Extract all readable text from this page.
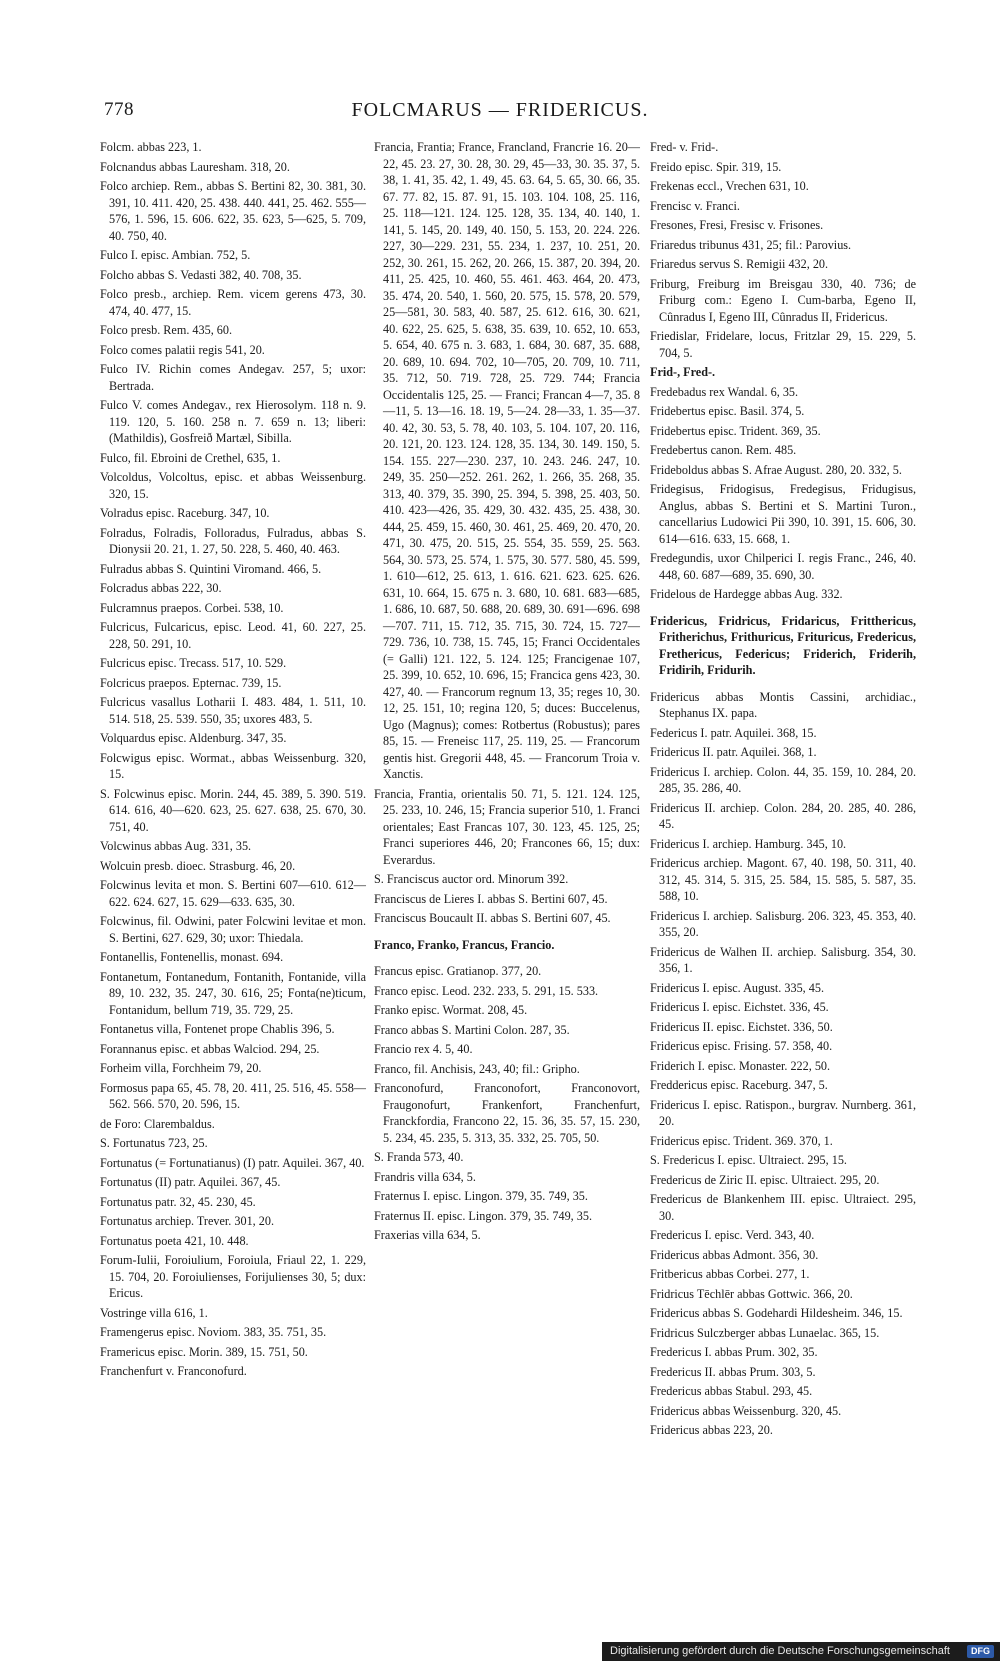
778	FOLCMARUS — FRIDERICUS.

Folcm. abbas 223, 1.

Folcnandus abbas Lauresham. 318, 20.

Folco archiep. Rem., abbas S. Bertini 82, 30. 381, 30. 391, 10. 411. 420, 25. 438. 440. 441, 25. 462. 555—576, 1. 596, 15. 606. 622, 35. 623, 5—625, 5. 709, 40. 750, 40.

Fulco I. episc. Ambian. 752, 5.

Folcho abbas S. Vedasti 382, 40. 708, 35.

Folco presb., archiep. Rem. vicem gerens 473, 30. 474, 40. 477, 15.

Folco presb. Rem. 435, 60.

Folco comes palatii regis 541, 20.

Fulco IV. Richin comes Andegav. 257, 5; uxor: Bertrada.

Fulco V. comes Andegav., rex Hierosolym. 118 n. 9. 119. 120, 5. 160. 258 n. 7. 659 n. 13; liberi: (Mathildis), Gosfreið Martæl, Sibilla.

Fulco, fil. Ebroini de Crethel, 635, 1.

Volcoldus, Volcoltus, episc. et abbas Weissenburg. 320, 15.

Volradus episc. Raceburg. 347, 10.

Folradus, Folradis, Folloradus, Fulradus, abbas S. Dionysii 20. 21, 1. 27, 50. 228, 5. 460, 40. 463.

Fulradus abbas S. Quintini Viromand. 466, 5.

Folcradus abbas 222, 30.

Fulcramnus praepos. Corbei. 538, 10.

Fulcricus, Fulcaricus, episc. Leod. 41, 60. 227, 25. 228, 50. 291, 10.

Fulcricus episc. Trecass. 517, 10. 529.

Folcricus praepos. Epternac. 739, 15.

Fulcricus vasallus Lotharii I. 483. 484, 1. 511, 10. 514. 518, 25. 539. 550, 35; uxores 483, 5.

Volquardus episc. Aldenburg. 347, 35.

Folcwigus episc. Wormat., abbas Weissenburg. 320, 15.

S. Folcwinus episc. Morin. 244, 45. 389, 5. 390. 519. 614. 616, 40—620. 623, 25. 627. 638, 25. 670, 30. 751, 40.

Volcwinus abbas Aug. 331, 35.

Wolcuin presb. dioec. Strasburg. 46, 20.

Folcwinus levita et mon. S. Bertini 607—610. 612—622. 624. 627, 15. 629—633. 635, 30.

Folcwinus, fil. Odwini, pater Folcwini levitae et mon. S. Bertini, 627. 629, 30; uxor: Thiedala.

Fontanellis, Fontenellis, monast. 694.

Fontanetum, Fontanedum, Fontanith, Fontanide, villa 89, 10. 232, 35. 247, 30. 616, 25; Fonta(ne)ticum, Fontanidum, bellum 719, 35. 729, 25.

Fontanetus villa, Fontenet prope Chablis 396, 5.

Forannanus episc. et abbas Walciod. 294, 25.

Forheim villa, Forchheim 79, 20.

Formosus papa 65, 45. 78, 20. 411, 25. 516, 45. 558—562. 566. 570, 20. 596, 15.

de Foro: Clarembaldus.

S. Fortunatus 723, 25.

Fortunatus (= Fortunatianus) (I) patr. Aquilei. 367, 40.

Fortunatus (II) patr. Aquilei. 367, 45.

Fortunatus patr. 32, 45. 230, 45.

Fortunatus archiep. Trever. 301, 20.

Fortunatus poeta 421, 10. 448.

Forum-Iulii, Foroiulium, Foroiula, Friaul 22, 1. 229, 15. 704, 20. Foroiulienses, Forijulienses 30, 5; dux: Ericus.

Vostringe villa 616, 1.

Framengerus episc. Noviom. 383, 35. 751, 35.

Framericus episc. Morin. 389, 15. 751, 50.

Franchenfurt v. Franconofurd.

Francia, Frantia; France, Francland, Francrie 16. 20—22, 45. 23. 27, 30. 28, 30. 29, 45—33, 30. 35. 37, 5. 38, 1. 41, 35. 42, 1. 49, 45. 63. 64, 5. 65, 30. 66, 35. 67. 77. 82, 15. 87. 91, 15. 103. 104. 108, 25. 116, 25. 118—121. 124. 125. 128, 35. 134, 40. 140, 1. 141, 5. 145, 20. 149, 40. 150, 5. 153, 20. 224. 226. 227, 30—229. 231, 55. 234, 1. 237, 10. 251, 20. 252, 30. 261, 15. 262, 20. 266, 15. 387, 20. 394, 20. 411, 25. 425, 10. 460, 55. 461. 463. 464, 20. 473, 35. 474, 20. 540, 1. 560, 20. 575, 15. 578, 20. 579, 25—581, 30. 583, 40. 587, 25. 612. 616, 30. 621, 40. 622, 25. 625, 5. 638, 35. 639, 10. 652, 10. 653, 5. 654, 40. 675 n. 3. 683, 1. 684, 30. 687, 35. 688, 20. 689, 10. 694. 702, 10—705, 20. 709, 10. 711, 35. 712, 50. 719. 728, 25. 729. 744; Francia Occidentalis 125, 25. — Franci; Francan 4—7, 35. 8—11, 5. 13—16. 18. 19, 5—24. 28—33, 1. 35—37. 40. 42, 30. 53, 5. 78, 40. 103, 5. 104. 107, 20. 116, 20. 121, 20. 123. 124. 128, 35. 134, 30. 149. 150, 5. 154. 155. 227—230. 237, 10. 243. 246. 247, 10. 249, 35. 250—252. 261. 262, 1. 266, 35. 268, 35. 313, 40. 379, 35. 390, 25. 394, 5. 398, 25. 403, 50. 410. 423—426, 35. 429, 30. 432. 435, 25. 438, 30. 444, 25. 459, 15. 460, 30. 461, 25. 469, 20. 470, 20. 471, 30. 475, 20. 515, 25. 554, 35. 559, 25. 563. 564, 30. 573, 25. 574, 1. 575, 30. 577. 580, 45. 599, 1. 610—612, 25. 613, 1. 616. 621. 623. 625. 626. 631, 10. 664, 15. 675 n. 3. 680, 10. 681. 683—685, 1. 686, 10. 687, 50. 688, 20. 689, 30. 691—696. 698—707. 711, 15. 712, 35. 715, 30. 724, 15. 727—729. 736, 10. 738, 15. 745, 15; Franci Occidentales (= Galli) 121. 122, 5. 124. 125; Francigenae 107, 25. 399, 10. 652, 10. 696, 15; Francica gens 423, 30. 427, 40. — Francorum regnum 13, 35; reges 10, 30. 12, 25. 151, 10; regina 120, 5; duces: Buccelenus, Ugo (Magnus); comes: Rotbertus (Robustus); pares 85, 15. — Freneisc 117, 25. 119, 25. — Francorum gentis hist. Gregorii 448, 45. — Francorum Troia v. Xanctis.

Francia, Frantia, orientalis 50. 71, 5. 121. 124. 125, 25. 233, 10. 246, 15; Francia superior 510, 1. Franci orientales; East Francas 107, 30. 123, 45. 125, 25; Franci superiores 446, 20; Francones 66, 15; dux: Everardus.

S. Franciscus auctor ord. Minorum 392.

Franciscus de Lieres I. abbas S. Bertini 607, 45.

Franciscus Boucault II. abbas S. Bertini 607, 45.

Franco, Franko, Francus, Francio.

Francus episc. Gratianop. 377, 20.

Franco episc. Leod. 232. 233, 5. 291, 15. 533.

Franko episc. Wormat. 208, 45.

Franco abbas S. Martini Colon. 287, 35.

Francio rex 4. 5, 40.

Franco, fil. Anchisis, 243, 40; fil.: Gripho.

Franconofurd, Franconofort, Franconovort, Fraugonofurt, Frankenfort, Franchenfurt, Franckfordia, Francono 22, 15. 36, 35. 57, 15. 230, 5. 234, 45. 235, 5. 313, 35. 332, 25. 705, 50.

S. Franda 573, 40.

Frandris villa 634, 5.

Fraternus I. episc. Lingon. 379, 35. 749, 35.

Fraternus II. episc. Lingon. 379, 35. 749, 35.

Fraxerias villa 634, 5.

Fred- v. Frid-.

Freido episc. Spir. 319, 15.

Frekenas eccl., Vrechen 631, 10.

Frencisc v. Franci.

Fresones, Fresi, Fresisc v. Frisones.

Friaredus tribunus 431, 25; fil.: Parovius.

Friaredus servus S. Remigii 432, 20.

Friburg, Freiburg im Breisgau 330, 40. 736; de Friburg com.: Egeno I. Cum-barba, Egeno II, Cûnradus I, Egeno III, Cûnradus II, Fridericus.

Friedislar, Fridelare, locus, Fritzlar 29, 15. 229, 5. 704, 5.

Frid-, Fred-.

Fredebadus rex Wandal. 6, 35.

Fridebertus episc. Basil. 374, 5.

Fridebertus episc. Trident. 369, 35.

Fredebertus canon. Rem. 485.

Frideboldus abbas S. Afrae August. 280, 20. 332, 5.

Fridegisus, Fridogisus, Fredegisus, Fridugisus, Anglus, abbas S. Bertini et S. Martini Turon., cancellarius Ludowici Pii 390, 10. 391, 15. 606, 30. 614—616. 633, 15. 668, 1.

Fredegundis, uxor Chilperici I. regis Franc., 246, 40. 448, 60. 687—689, 35. 690, 30.

Fridelous de Hardegge abbas Aug. 332.

Fridericus, Fridricus, Fridaricus, Fritthericus, Fritherichus, Frithuricus, Frituricus, Fredericus, Frethericus, Federicus; Friderich, Friderih, Fridirih, Fridurih.

Fridericus abbas Montis Cassini, archidiac., Stephanus IX. papa.

Federicus I. patr. Aquilei. 368, 15.

Fridericus II. patr. Aquilei. 368, 1.

Fridericus I. archiep. Colon. 44, 35. 159, 10. 284, 20. 285, 35. 286, 40.

Fridericus II. archiep. Colon. 284, 20. 285, 40. 286, 45.

Fridericus I. archiep. Hamburg. 345, 10.

Fridericus archiep. Magont. 67, 40. 198, 50. 311, 40. 312, 45. 314, 5. 315, 25. 584, 15. 585, 5. 587, 35. 588, 10.

Fridericus I. archiep. Salisburg. 206. 323, 45. 353, 40. 355, 20.

Fridericus de Walhen II. archiep. Salisburg. 354, 30. 356, 1.

Fridericus I. episc. August. 335, 45.

Fridericus I. episc. Eichstet. 336, 45.

Fridericus II. episc. Eichstet. 336, 50.

Fridericus episc. Frising. 57. 358, 40.

Friderich I. episc. Monaster. 222, 50.

Freddericus episc. Raceburg. 347, 5.

Fridericus I. episc. Ratispon., burgrav. Nurnberg. 361, 20.

Fridericus episc. Trident. 369. 370, 1.

S. Fredericus I. episc. Ultraiect. 295, 15.

Fredericus de Ziric II. episc. Ultraiect. 295, 20.

Fredericus de Blankenhem III. episc. Ultraiect. 295, 30.

Fredericus I. episc. Verd. 343, 40.

Fridericus abbas Admont. 356, 30.

Fritbericus abbas Corbei. 277, 1.

Fridricus Tēchlēr abbas Gottwic. 366, 20.

Fridericus abbas S. Godehardi Hildesheim. 346, 15.

Fridricus Sulczberger abbas Lunaelac. 365, 15.

Fredericus I. abbas Prum. 302, 35.

Fredericus II. abbas Prum. 303, 5.

Fredericus abbas Stabul. 293, 45.

Fridericus abbas Weissenburg. 320, 45.

Fridericus abbas 223, 20.

Digitalisierung gefördert durch die Deutsche Forschungsgemeinschaft	DFG
